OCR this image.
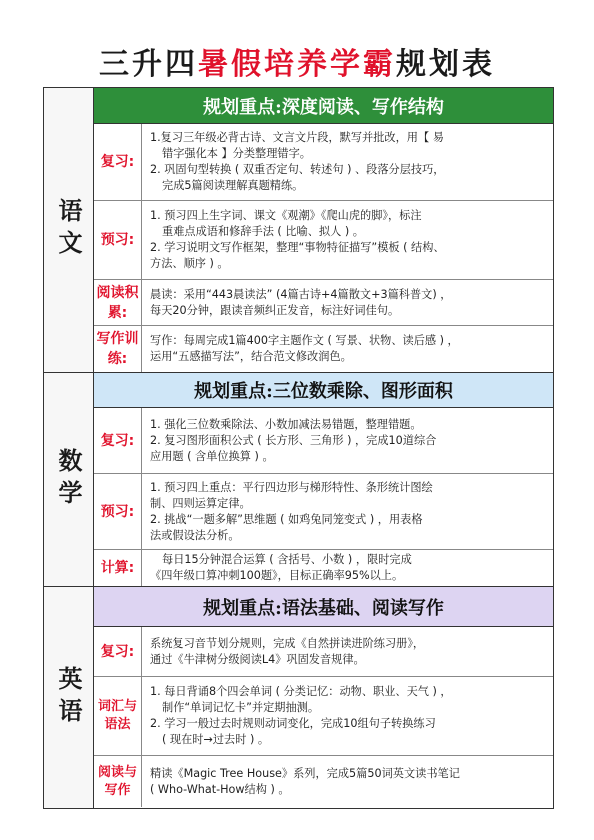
三升四暑假培养学霸规划表
语文
规划重点:深度阅读、写作结构
复习:
1.复习三年级必背古诗、文言文片段，默写并批改，用【 易
错字强化本 】分类整理错字。
2. 巩固句型转换 ( 双重否定句、转述句 ) 、段落分层技巧，
完成5篇阅读理解真题精练。
预习:
1. 预习四上生字词、课文《观潮》《爬山虎的脚》，标注
重难点成语和修辞手法 ( 比喻、拟人 ) 。
2. 学习说明文写作框架，整理“事物特征描写”模板 ( 结构、
方法、顺序 ) 。
阅读积累:
晨读：采用“443晨读法” (4篇古诗+4篇散文+3篇科普文) ，
每天20分钟，跟读音频纠正发音，标注好词佳句。
写作训练:
写作：每周完成1篇400字主题作文 ( 写景、状物、读后感 ) ，
运用“五感描写法”，结合范文修改润色。
数学
规划重点:三位数乘除、图形面积
复习:
1. 强化三位数乘除法、小数加减法易错题，整理错题。
2. 复习图形面积公式 ( 长方形、三角形 ) ，完成10道综合
应用题 ( 含单位换算 ) 。
预习:
1. 预习四上重点：平行四边形与梯形特性、条形统计图绘
制、四则运算定律。
2. 挑战“一题多解”思维题 ( 如鸡兔同笼变式 ) ，用表格
法或假设法分析。
计算:
每日15分钟混合运算 ( 含括号、小数 ) ，限时完成
《四年级口算冲刺100题》，目标正确率95%以上。
英语
规划重点:语法基础、阅读写作
复习:
系统复习音节划分规则，完成《自然拼读进阶练习册》，
通过《牛津树分级阅读L4》巩固发音规律。
词汇与语法
1. 每日背诵8个四会单词 ( 分类记忆：动物、职业、天气 ) ，
制作“单词记忆卡”并定期抽测。
2. 学习一般过去时规则动词变化，完成10组句子转换练习
( 现在时→过去时 ) 。
阅读与写作
精读《Magic Tree House》系列，完成5篇50词英文读书笔记
( Who-What-How结构 ) 。
